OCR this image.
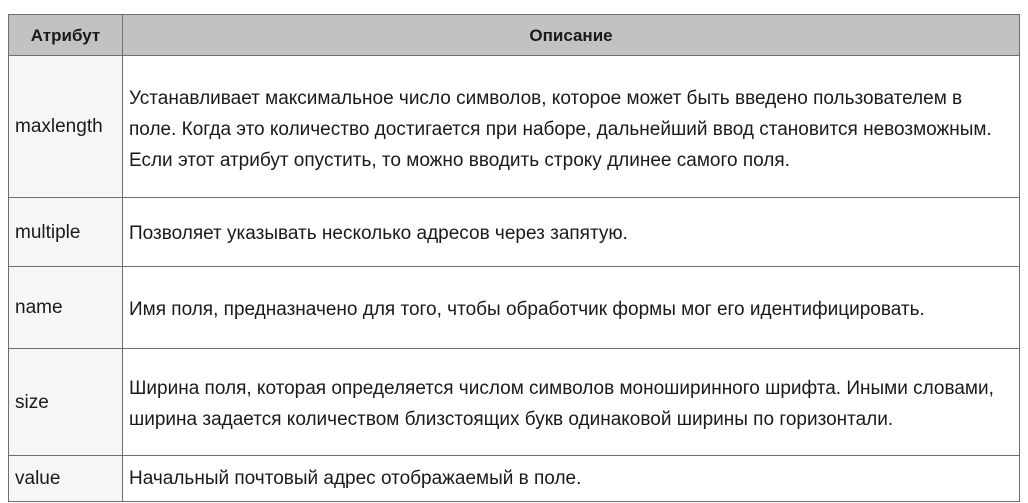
Атрибут	Описание
maxlength	Устанавливает максимальное число символов, которое может быть введено пользователем в поле. Когда это количество достигается при наборе, дальнейший ввод становится невозможным. Если этот атрибут опустить, то можно вводить строку длинее самого поля.
multiple	Позволяет указывать несколько адресов через запятую.
name	Имя поля, предназначено для того, чтобы обработчик формы мог его идентифицировать.
size	Ширина поля, которая определяется числом символов моноширинного шрифта. Иными словами, ширина задается количеством близстоящих букв одинаковой ширины по горизонтали.
value	Начальный почтовый адрес отображаемый в поле.
